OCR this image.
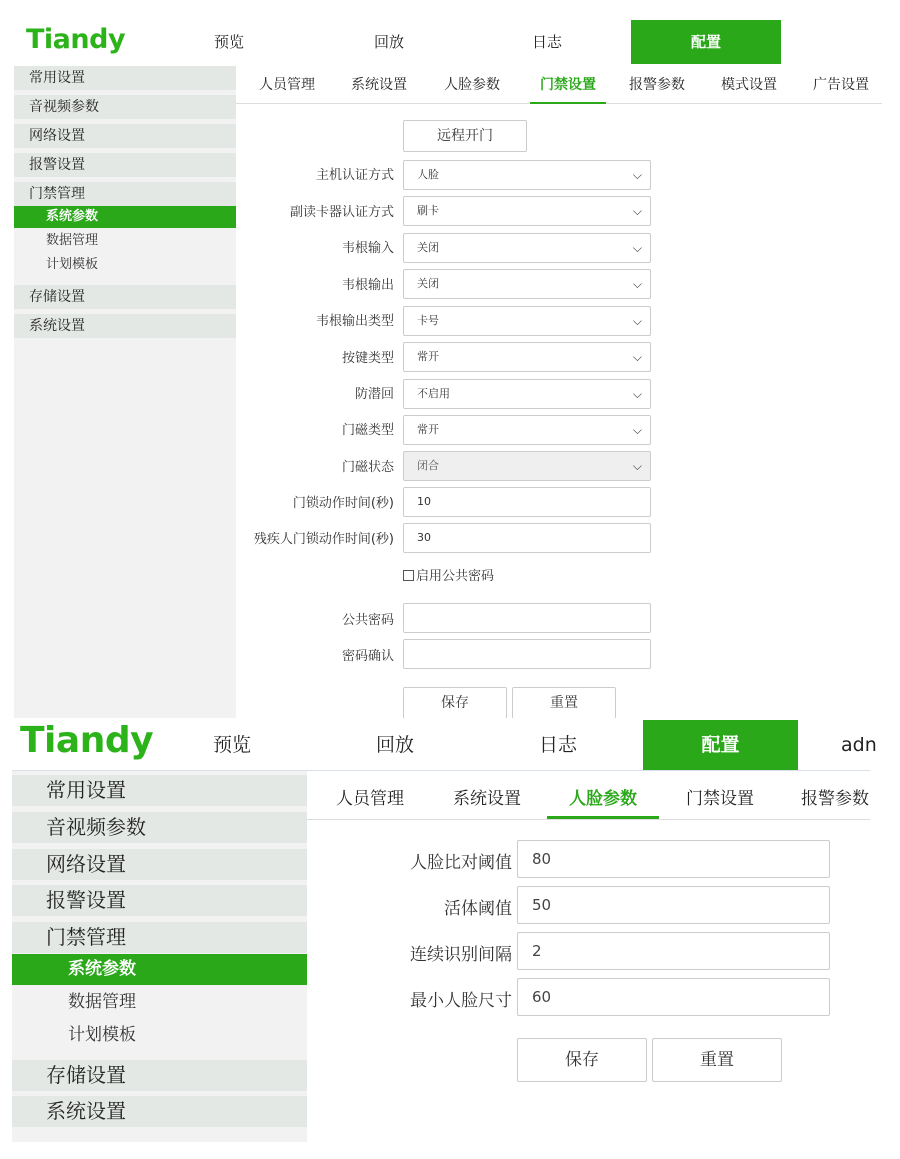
Tiandy	预览	回放	日志	配置
常用设置
音视频参数
网络设置
报警设置
门禁管理
系统参数
数据管理
计划模板
存储设置
系统设置
人员管理	系统设置	人脸参数	门禁设置	报警参数	模式设置	广告设置
远程开门
主机认证方式	人脸	⌵
副读卡器认证方式	刷卡	⌵
韦根输入	关闭	⌵
韦根输出	关闭	⌵
韦根输出类型	卡号	⌵
按键类型	常开	⌵
防潜回	不启用	⌵
门磁类型	常开	⌵
门磁状态	闭合	⌵
门锁动作时间(秒)	10
残疾人门锁动作时间(秒)	30
启用公共密码
公共密码
密码确认
保存	重置
Tiandy	预览	回放	日志	配置	adn
常用设置
音视频参数
网络设置
报警设置
门禁管理
系统参数
数据管理
计划模板
存储设置
系统设置
人员管理	系统设置	人脸参数	门禁设置	报警参数
人脸比对阈值	80
活体阈值	50
连续识别间隔	2
最小人脸尺寸	60
保存	重置
